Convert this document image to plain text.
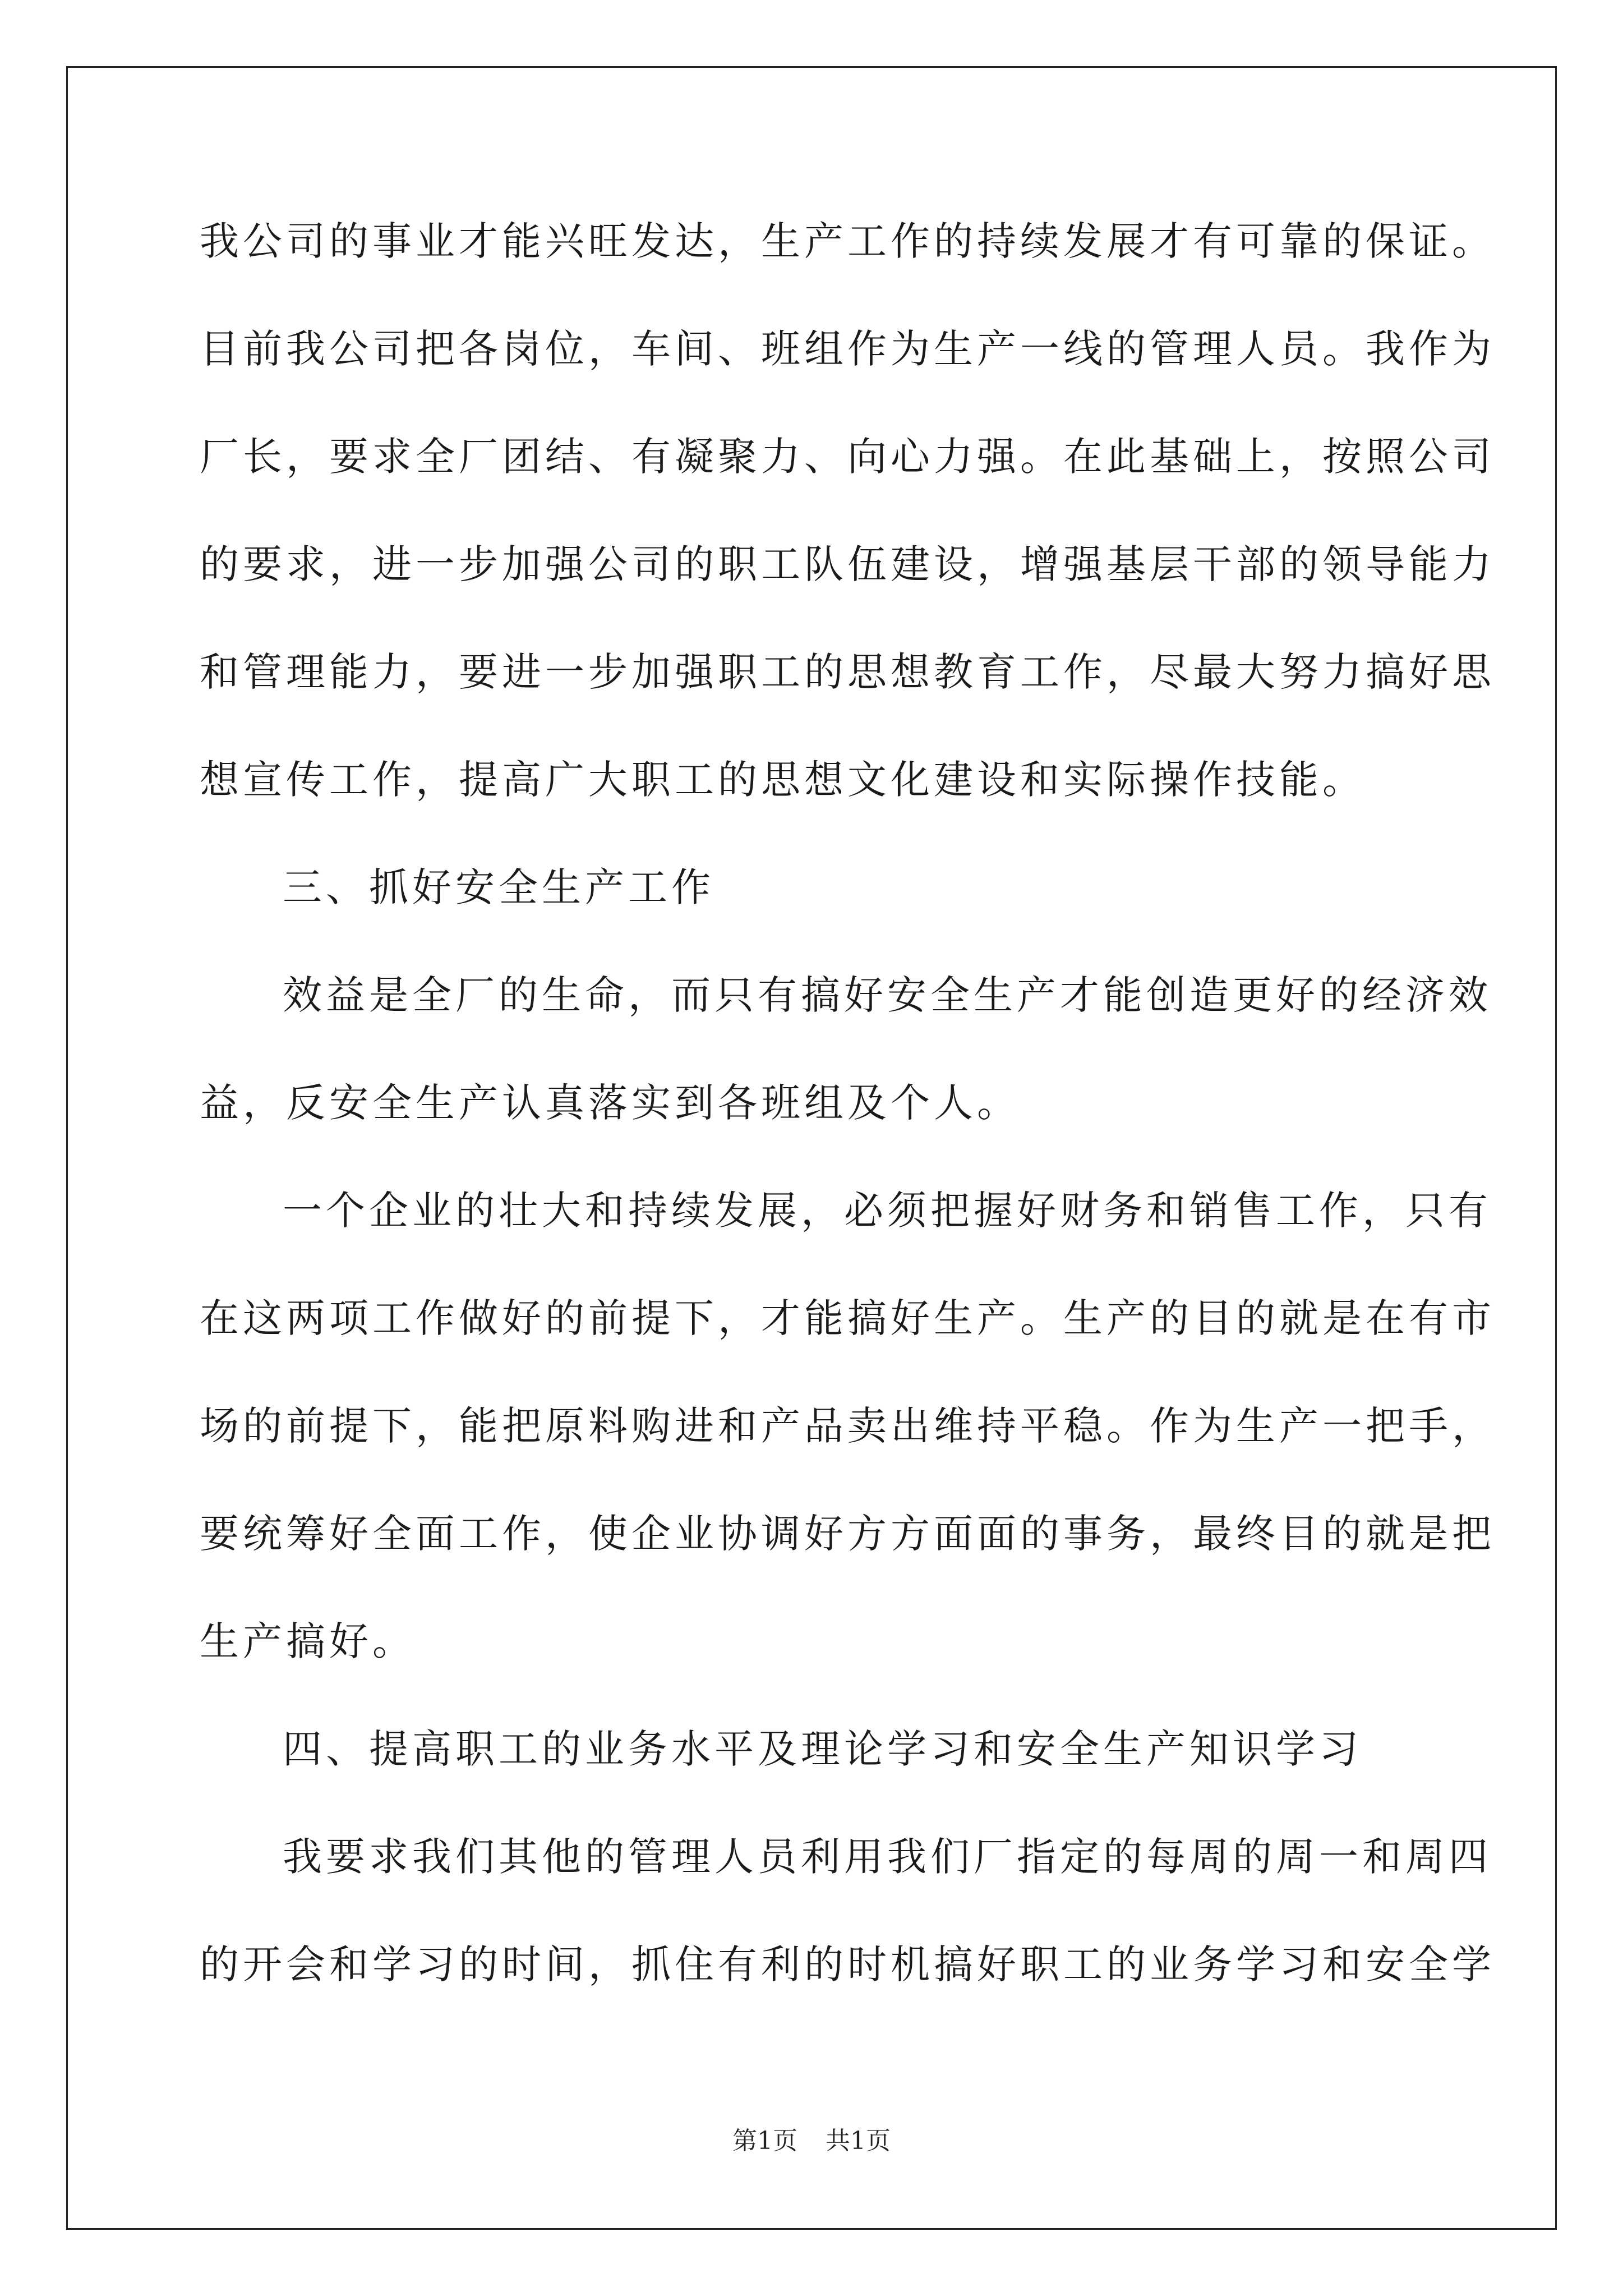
我公司的事业才能兴旺发达，生产工作的持续发展才有可靠的保证。
目前我公司把各岗位，车间、班组作为生产一线的管理人员。我作为
厂长，要求全厂团结、有凝聚力、向心力强。在此基础上，按照公司
的要求，进一步加强公司的职工队伍建设，增强基层干部的领导能力
和管理能力，要进一步加强职工的思想教育工作，尽最大努力搞好思
想宣传工作，提高广大职工的思想文化建设和实际操作技能。
三、抓好安全生产工作
效益是全厂的生命，而只有搞好安全生产才能创造更好的经济效
益，反安全生产认真落实到各班组及个人。
一个企业的壮大和持续发展，必须把握好财务和销售工作，只有
在这两项工作做好的前提下，才能搞好生产。生产的目的就是在有市
场的前提下，能把原料购进和产品卖出维持平稳。作为生产一把手，
要统筹好全面工作，使企业协调好方方面面的事务，最终目的就是把
生产搞好。
四、提高职工的业务水平及理论学习和安全生产知识学习
我要求我们其他的管理人员利用我们厂指定的每周的周一和周四
的开会和学习的时间，抓住有利的时机搞好职工的业务学习和安全学
第1页 共1页
